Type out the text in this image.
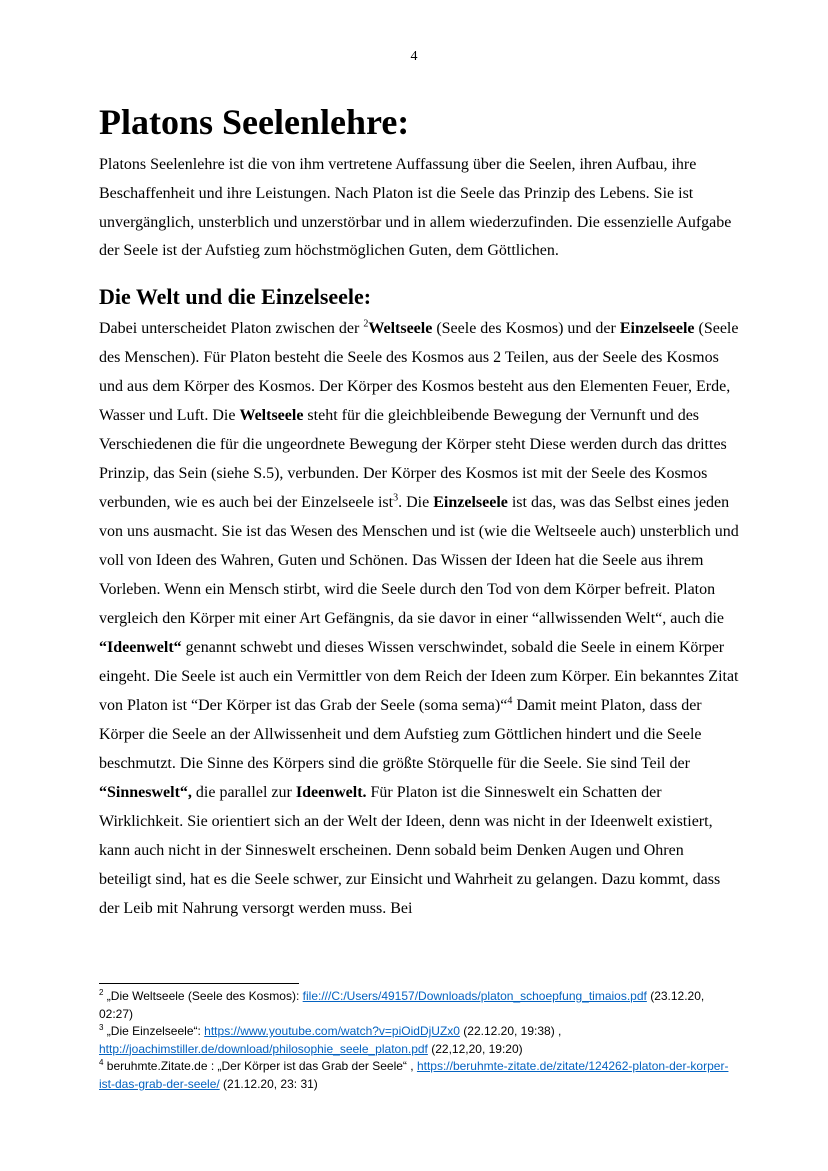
4
Platons Seelenlehre:

Platons Seelenlehre ist die von ihm vertretene Auffassung über die Seelen, ihren Aufbau, ihre Beschaffenheit und ihre Leistungen. Nach Platon ist die Seele das Prinzip des Lebens. Sie ist unvergänglich, unsterblich und unzerstörbar und in allem wiederzufinden. Die essenzielle Aufgabe der Seele ist der Aufstieg zum höchstmöglichen Guten, dem Göttlichen.

Die Welt und die Einzelseele:

Dabei unterscheidet Platon zwischen der $^2$Weltseele (Seele des Kosmos) und der Einzelseele (Seele des Menschen). Für Platon besteht die Seele des Kosmos aus 2 Teilen, aus der Seele des Kosmos und aus dem Körper des Kosmos. Der Körper des Kosmos besteht aus den Elementen Feuer, Erde, Wasser und Luft. Die Weltseele steht für die gleichbleibende Bewegung der Vernunft und des Verschiedenen die für die ungeordnete Bewegung der Körper steht Diese werden durch das drittes Prinzip, das Sein (siehe S.5), verbunden. Der Körper des Kosmos ist mit der Seele des Kosmos verbunden, wie es auch bei der Einzelseele ist$^3$. Die Einzelseele ist das, was das Selbst eines jeden von uns ausmacht. Sie ist das Wesen des Menschen und ist (wie die Weltseele auch) unsterblich und voll von Ideen des Wahren, Guten und Schönen. Das Wissen der Ideen hat die Seele aus ihrem Vorleben. Wenn ein Mensch stirbt, wird die Seele durch den Tod von dem Körper befreit. Platon vergleich den Körper mit einer Art Gefängnis, da sie davor in einer “allwissenden Welt“, auch die “Ideenwelt“ genannt schwebt und dieses Wissen verschwindet, sobald die Seele in einem Körper eingeht. Die Seele ist auch ein Vermittler von dem Reich der Ideen zum Körper. Ein bekanntes Zitat von Platon ist “Der Körper ist das Grab der Seele (soma sema)“$^4$ Damit meint Platon, dass der Körper die Seele an der Allwissenheit und dem Aufstieg zum Göttlichen hindert und die Seele beschmutzt. Die Sinne des Körpers sind die größte Störquelle für die Seele. Sie sind Teil der “Sinneswelt“, die parallel zur Ideenwelt. Für Platon ist die Sinneswelt ein Schatten der Wirklichkeit. Sie orientiert sich an der Welt der Ideen, denn was nicht in der Ideenwelt existiert, kann auch nicht in der Sinneswelt erscheinen. Denn sobald beim Denken Augen und Ohren beteiligt sind, hat es die Seele schwer, zur Einsicht und Wahrheit zu gelangen. Dazu kommt, dass der Leib mit Nahrung versorgt werden muss. Bei

$^2$ „Die Weltseele (Seele des Kosmos): file:///C:/Users/49157/Downloads/platon_schoepfung_timaios.pdf (23.12.20, 02:27)

$^3$ „Die Einzelseele“: https://www.youtube.com/watch?v=piOidDjUZx0 (22.12.20, 19:38) ,
http://joachimstiller.de/download/philosophie_seele_platon.pdf (22,12,20, 19:20)

$^4$ beruhmte.Zitate.de : „Der Körper ist das Grab der Seele“ , https://beruhmte-zitate.de/zitate/124262-platon-der-korper-ist-das-grab-der-seele/ (21.12.20, 23: 31)
